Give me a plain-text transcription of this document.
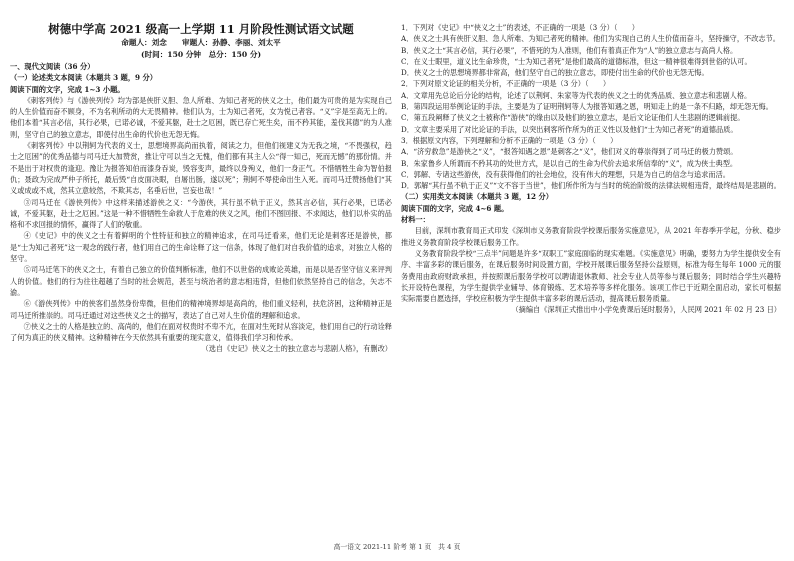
树德中学高 2021 级高一上学期 11 月阶段性测试语文试题

命题人：刘念　　审题人：孙静、李丽、刘太平

(时间：150 分钟　总分：150 分)

一、现代文阅读（36 分）

（一）论述类文本阅读（本题共 3 题，9 分）

阅读下面的文字，完成 1~3 小题。

《刺客列传》与《游侠列传》均为部是侠肝义胆、急人所难、为知己者死的侠义之士，他们最为可贵的是为实现自己的人生价值而奋不顾身，不为名利所动的大无畏精神。他们认为，士为知己者死，女为悦己者容。“义”字是至高无上的。他们本着“其言必信，其行必果，已诺必诚，不爱其躯，赴士之厄困，既已存亡死生矣，而不矜其能，羞伐其德”的为人准则，坚守自己的独立意志，即使付出生命的代价也无怨无悔。

《刺客列传》中以荆轲为代表的义士，思想境界高尚而执着，阅读之力，但他们视建义为无我之境，“不畏强权，趋士之厄困”的优秀品德与司马迁大加赞赏，推让守可以当之无愧，他们都有其主人公“得一知己，死而无憾”的那份情。并不是出于对权贵的逢迎。豫让为报答知伯而漆身吞炭，毁容变声，最终以身殉义，他们一身正气。不惜牺牲生命为智伯报仇；聂政为完成严仲子所托，最后毁“自皮面决眼，自屠出肠，遂以死”；荆轲不辱使命出生入死。而司马迁赞扬他们“其义或成或不成，然其立意较然，不欺其志，名垂后世，岂妄也哉！”

③司马迁在《游侠列传》中这样来描述游侠之义：“今游侠，其行虽不轨于正义，然其言必信，其行必果，已诺必诚，不爱其躯，赴士之厄困。”这是一种不惜牺牲生命救人于危难的侠义之风，他们不图回报、不求闻达，他们以朴实的品格和不求回报的情怀，赢得了人们的敬重。

④《史记》中的侠义之士有着鲜明的个性特征和独立的精神追求，在司马迁看来，他们无论是刺客还是游侠，都是“士为知己者死”这一观念的践行者，他们用自己的生命诠释了这一信条，体现了他们对自我价值的追求，对独立人格的坚守。

⑤司马迁笔下的侠义之士，有着自己独立的价值判断标准，他们不以世俗的成败论英雄，而是以是否坚守信义来评判人的价值。他们的行为往往超越了当时的社会规范，甚至与统治者的意志相违背，但他们依然坚持自己的信念，矢志不渝。

⑥《游侠列传》中的侠客们虽然身份卑微，但他们的精神境界却是高尚的，他们重义轻利，扶危济困，这种精神正是司马迁所推崇的。司马迁通过对这些侠义之士的描写，表达了自己对人生价值的理解和追求。

⑦侠义之士的人格是独立的、高尚的，他们在面对权贵时不卑不亢，在面对生死时从容淡定，他们用自己的行动诠释了何为真正的侠义精神。这种精神在今天依然具有重要的现实意义，值得我们学习和传承。

（选自《史记》侠义之士的独立意志与悲剧人格》，有删改）

1．下列对《史记》中“侠义之士”的表述，不正确的一项是（3 分）（　　）

A．侠义之士具有侠肝义胆、急人所难、为知己者死的精神。他们为实现自己的人生价值而奋斗，坚持操守，不改志节。

B．侠义之士“其言必信，其行必果”，不惜死的为人准则，他们有着真正作为“人”的独立意志与高尚人格。

C．在义士眼里，道义比生命珍贵，“士为知己者死”是他们最高的道德标准，但这一精神很难得到世俗的认可。

D．侠义之士的思想境界都非常高，他们坚守自己的独立意志，即使付出生命的代价也无怨无悔。

2．下列对原文论证的相关分析，不正确的一项是（3 分）（　　）

A．文章用先总论后分论的结构，论述了以荆轲、朱家等为代表的侠义之士的优秀品质、独立意志和悲剧人格。

B．第四段运用举例论证的手法，主要是为了证明荆轲等人为报答知遇之恩，明知走上的是一条不归路，却无怨无悔。

C．第五段阐释了侠义之士被称作“游侠”的缘由以及他们的独立意志，是后文论证他们人生悲剧的逻辑前提。

D．文章主要采用了对比论证的手法，以突出刺客所作所为的正义性以及他们“士为知己者死”的道德品质。

3．根据原文内容，下列理解和分析不正确的一项是（3 分）（　　）

A．“济穷救急”是游侠之“义”，“报答知遇之恩”是刺客之“义”，他们对义的尊崇得到了司马迁的极力赞颂。

B．朱家鲁乡人所谓而不矜其功的处世方式，是以自己的生命为代价去追求所信奉的“义”，成为侠士典型。

C．郭解、专诸这些游侠，没有获得他们的社会地位，没有伟大的理想，只是为自己的信念与追求而活。

D．郭解“其行虽不轨于正义”“文不容于当世”，他们所作所为与当时的统治阶级的法律法规相违背，最终结局是悲剧的。

（二）实用类文本阅读（本题共 3 题，12 分）

阅读下面的文字，完成 4~6 题。

材料一：

目前，深圳市教育局正式印发《深圳市义务教育阶段学校课后服务实施意见》，从 2021 年春季开学起，分秋、稳步推进义务教育阶段学校课后服务工作。

义务教育阶段学校“三点半”问题是许多“双职工”家庭面临的现实难题。《实施意见》明确，要努力为学生提供安全有序、丰富多彩的课后服务，在课后服务时间设置方面，学校开展课后服务坚持公益原则，标准为每生每年 1000 元的服务费用由政府财政承担，并按照课后服务学校可以聘请退休教师、社会专业人员等参与课后服务；同时结合学生兴趣特长开设特色课程，为学生提供学业辅导、体育锻炼、艺术培养等多样化服务。该项工作已于近期全面启动，家长可根据实际需要自愿选择，学校应积极为学生提供丰富多彩的课后活动，提高课后服务质量。

（摘编自《深圳正式推出中小学免费课后延时服务》，人民网 2021 年 02 月 23 日）

高一语文 2021-11 阶考 第 1 页　共 4 页
